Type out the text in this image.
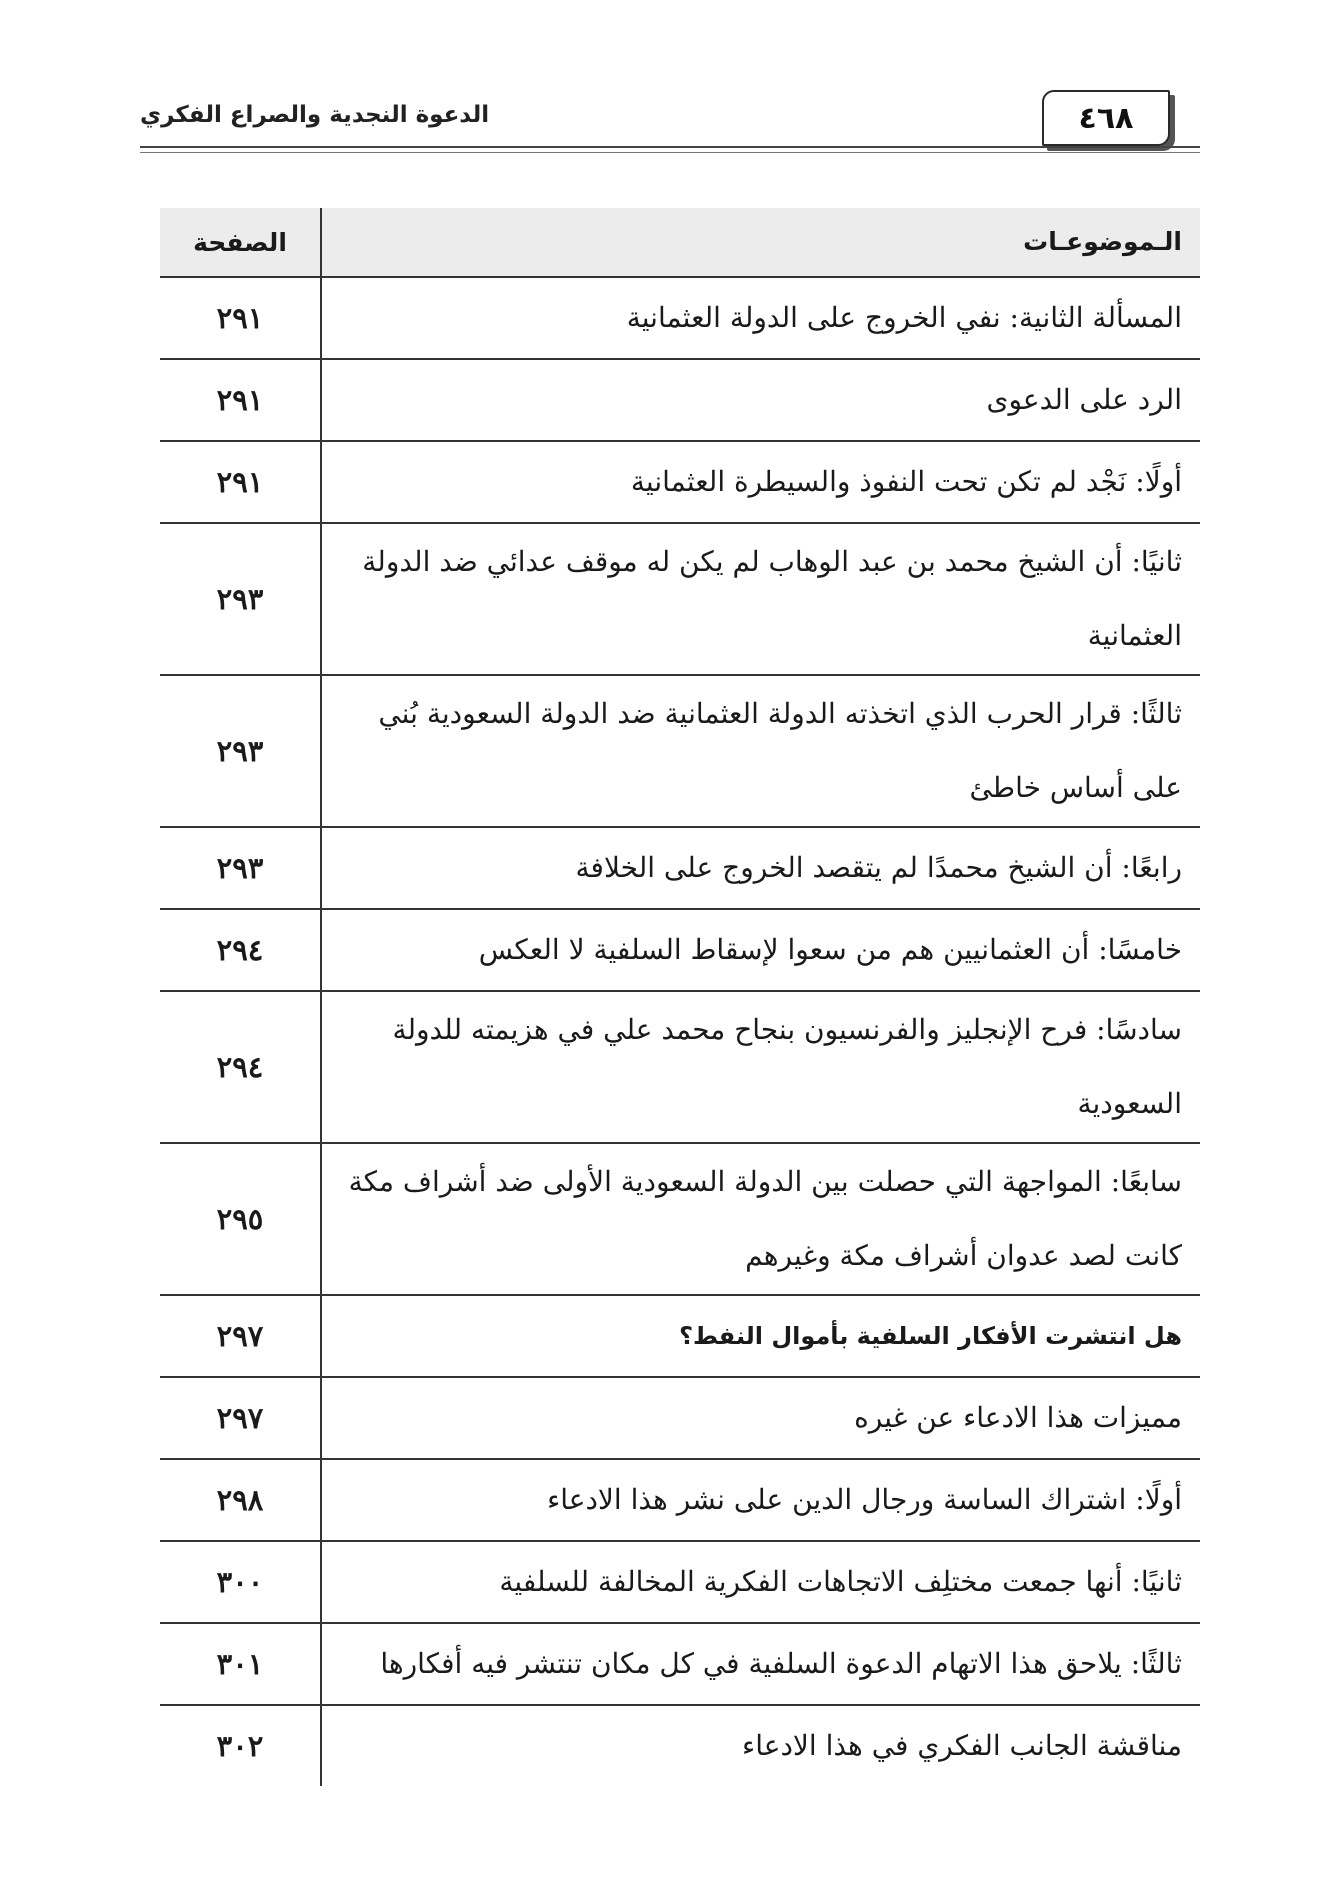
الدعوة النجدية والصراع الفكري	٤٦٨
الـموضوعـات
الصفحة
المسألة الثانية: نفي الخروج على الدولة العثمانية
٢٩١
الرد على الدعوى
٢٩١
أولًا: نَجْد لم تكن تحت النفوذ والسيطرة العثمانية
٢٩١
ثانيًا: أن الشيخ محمد بن عبد الوهاب لم يكن له موقف عدائي ضد الدولة العثمانية
٢٩٣
ثالثًا: قرار الحرب الذي اتخذته الدولة العثمانية ضد الدولة السعودية بُني على أساس خاطئ
٢٩٣
رابعًا: أن الشيخ محمدًا لم يتقصد الخروج على الخلافة
٢٩٣
خامسًا: أن العثمانيين هم من سعوا لإسقاط السلفية لا العكس
٢٩٤
سادسًا: فرح الإنجليز والفرنسيون بنجاح محمد علي في هزيمته للدولة السعودية
٢٩٤
سابعًا: المواجهة التي حصلت بين الدولة السعودية الأولى ضد أشراف مكة كانت لصد عدوان أشراف مكة وغيرهم
٢٩٥
هل انتشرت الأفكار السلفية بأموال النفط؟
٢٩٧
مميزات هذا الادعاء عن غيره
٢٩٧
أولًا: اشتراك الساسة ورجال الدين على نشر هذا الادعاء
٢٩٨
ثانيًا: أنها جمعت مختلِف الاتجاهات الفكرية المخالفة للسلفية
٣٠٠
ثالثًا: يلاحق هذا الاتهام الدعوة السلفية في كل مكان تنتشر فيه أفكارها
٣٠١
مناقشة الجانب الفكري في هذا الادعاء
٣٠٢
